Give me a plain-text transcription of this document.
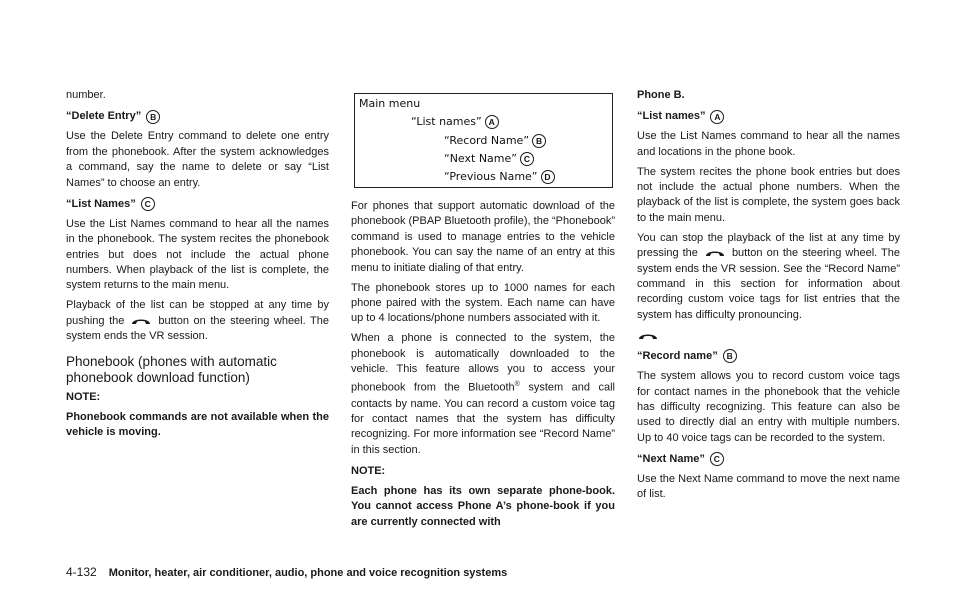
number.

“Delete Entry” B

Use the Delete Entry command to delete one entry from the phonebook. After the system acknowledges a command, say the name to delete or say “List Names” to choose an entry.

“List Names” C

Use the List Names command to hear all the names in the phonebook. The system recites the phonebook entries but does not include the actual phone numbers. When playback of the list is complete, the system returns to the main menu.

Playback of the list can be stopped at any time by pushing the	button on the steering wheel. The system ends the VR session.

Phonebook (phones with automatic phonebook download function)

NOTE:

Phonebook commands are not available when the vehicle is moving.

Main menu
“List names” A
“Record Name” B
“Next Name” C
“Previous Name” D

For phones that support automatic download of the phonebook (PBAP Bluetooth profile), the “Phonebook” command is used to manage entries to the vehicle phonebook. You can say the name of an entry at this menu to initiate dialing of that entry.

The phonebook stores up to 1000 names for each phone paired with the system. Each name can have up to 4 locations/phone numbers associated with it.

When a phone is connected to the system, the phonebook is automatically downloaded to the vehicle. This feature allows you to access your phonebook from the Bluetooth® system and call contacts by name. You can record a custom voice tag for contact names that the system has difficulty recognizing. For more information see “Record Name” in this section.

NOTE:

Each phone has its own separate phone-book. You cannot access Phone A’s phone-book if you are currently connected with

Phone B.

“List names” A

Use the List Names command to hear all the names and locations in the phone book.

The system recites the phone book entries but does not include the actual phone numbers. When the playback of the list is complete, the system goes back to the main menu.

You can stop the playback of the list at any time by pressing the	button on the steering wheel. The system ends the VR session. See the “Record Name” command in this section for information about recording custom voice tags for list entries that the system has difficulty pronouncing.

“Record name” B

The system allows you to record custom voice tags for contact names in the phonebook that the vehicle has difficulty recognizing. This feature can also be used to directly dial an entry with multiple numbers. Up to 40 voice tags can be recorded to the system.

“Next Name” C

Use the Next Name command to move the next name of list.

4-132 Monitor, heater, air conditioner, audio, phone and voice recognition systems
